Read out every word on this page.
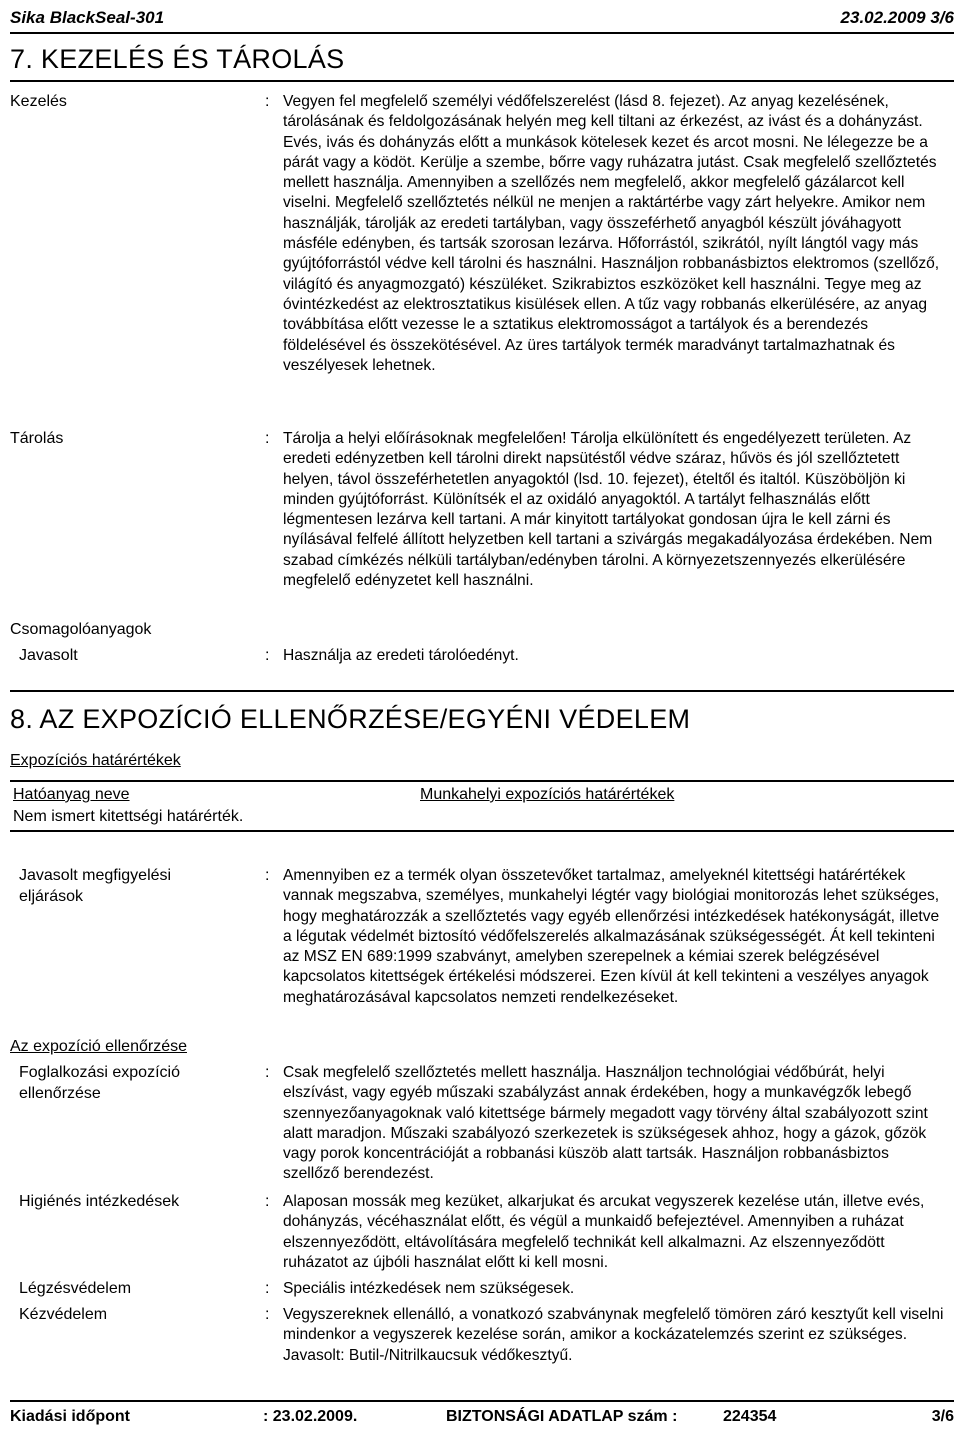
Sika BlackSeal-301	23.02.2009 3/6
7. KEZELÉS ÉS TÁROLÁS
Kezelés	: Vegyen fel megfelelő személyi védőfelszerelést (lásd 8. fejezet). Az anyag kezelésének, tárolásának és feldolgozásának helyén meg kell tiltani az érkezést, az ivást és a dohányzást. Evés, ivás és dohányzás előtt a munkások kötelesek kezet és arcot mosni. Ne lélegezze be a párát vagy a ködöt. Kerülje a szembe, bőrre vagy ruházatra jutást. Csak megfelelő szellőztetés mellett használja. Amennyiben a szellőzés nem megfelelő, akkor megfelelő gázálarcot kell viselni. Megfelelő szellőztetés nélkül ne menjen a raktártérbe vagy zárt helyekre. Amikor nem használják, tárolják az eredeti tartályban, vagy összeférhető anyagból készült jóváhagyott másféle edényben, és tartsák szorosan lezárva. Hőforrástól, szikrától, nyílt lángtól vagy más gyújtóforrástól védve kell tárolni és használni. Használjon robbanásbiztos elektromos (szellőző, világító és anyagmozgató) készüléket. Szikrabiztos eszközöket kell használni. Tegye meg az óvintézkedést az elektrosztatikus kisülések ellen. A tűz vagy robbanás elkerülésére, az anyag továbbítása előtt vezesse le a sztatikus elektromosságot a tartályok és a berendezés földelésével és összekötésével. Az üres tartályok termék maradványt tartalmazhatnak és veszélyesek lehetnek.
Tárolás	: Tárolja a helyi előírásoknak megfelelően! Tárolja elkülönített és engedélyezett területen. Az eredeti edényzetben kell tárolni direkt napsütéstől védve száraz, hűvös és jól szellőztetett helyen, távol összeférhetetlen anyagoktól (lsd. 10. fejezet), ételtől és italtól. Küszöböljön ki minden gyújtóforrást. Különítsék el az oxidáló anyagoktól. A tartályt felhasználás előtt légmentesen lezárva kell tartani. A már kinyitott tartályokat gondosan újra le kell zárni és nyílásával felfelé állított helyzetben kell tartani a szivárgás megakadályozása érdekében. Nem szabad címkézés nélküli tartályban/edényben tárolni. A környezetszennyezés elkerülésére megfelelő edényzetet kell használni.
Csomagolóanyagok
Javasolt	: Használja az eredeti tárolóedényt.
8. AZ EXPOZÍCIÓ ELLENŐRZÉSE/EGYÉNI VÉDELEM
Expozíciós határértékek
Hatóanyag neve	Munkahelyi expozíciós határértékek
Nem ismert kitettségi határérték.
Javasolt megfigyelési
eljárások
: Amennyiben ez a termék olyan összetevőket tartalmaz, amelyeknél kitettségi határértékek vannak megszabva, személyes, munkahelyi légtér vagy biológiai monitorozás lehet szükséges, hogy meghatározzák a szellőztetés vagy egyéb ellenőrzési intézkedések hatékonyságát, illetve a légutak védelmét biztosító védőfelszerelés alkalmazásának szükségességét. Át kell tekinteni az MSZ EN 689:1999 szabványt, amelyben szerepelnek a kémiai szerek belégzésével kapcsolatos kitettségek értékelési módszerei. Ezen kívül át kell tekinteni a veszélyes anyagok meghatározásával kapcsolatos nemzeti rendelkezéseket.
Az expozíció ellenőrzése
Foglalkozási expozíció
ellenőrzése
: Csak megfelelő szellőztetés mellett használja. Használjon technológiai védőbúrát, helyi elszívást, vagy egyéb műszaki szabályzást annak érdekében, hogy a munkavégzők lebegő szennyezőanyagoknak való kitettsége bármely megadott vagy törvény által szabályozott szint alatt maradjon. Műszaki szabályozó szerkezetek is szükségesek ahhoz, hogy a gázok, gőzök vagy porok koncentrációját a robbanási küszöb alatt tartsák. Használjon robbanásbiztos szellőző berendezést.
Higiénés intézkedések	: Alaposan mossák meg kezüket, alkarjukat és arcukat vegyszerek kezelése után, illetve evés, dohányzás, vécéhasználat előtt, és végül a munkaidő befejeztével. Amennyiben a ruházat elszennyeződött, eltávolítására megfelelő technikát kell alkalmazni. Az elszennyeződött ruházatot az újbóli használat előtt ki kell mosni.
Légzésvédelem	: Speciális intézkedések nem szükségesek.
Kézvédelem	: Vegyszereknek ellenálló, a vonatkozó szabványnak megfelelő tömören záró kesztyűt kell viselni mindenkor a vegyszerek kezelése során, amikor a kockázatelemzés szerint ez szükséges. Javasolt: Butil-/Nitrilkaucsuk védőkesztyű.
Kiadási időpont	: 23.02.2009.	BIZTONSÁGI ADATLAP szám :	224354	3/6
